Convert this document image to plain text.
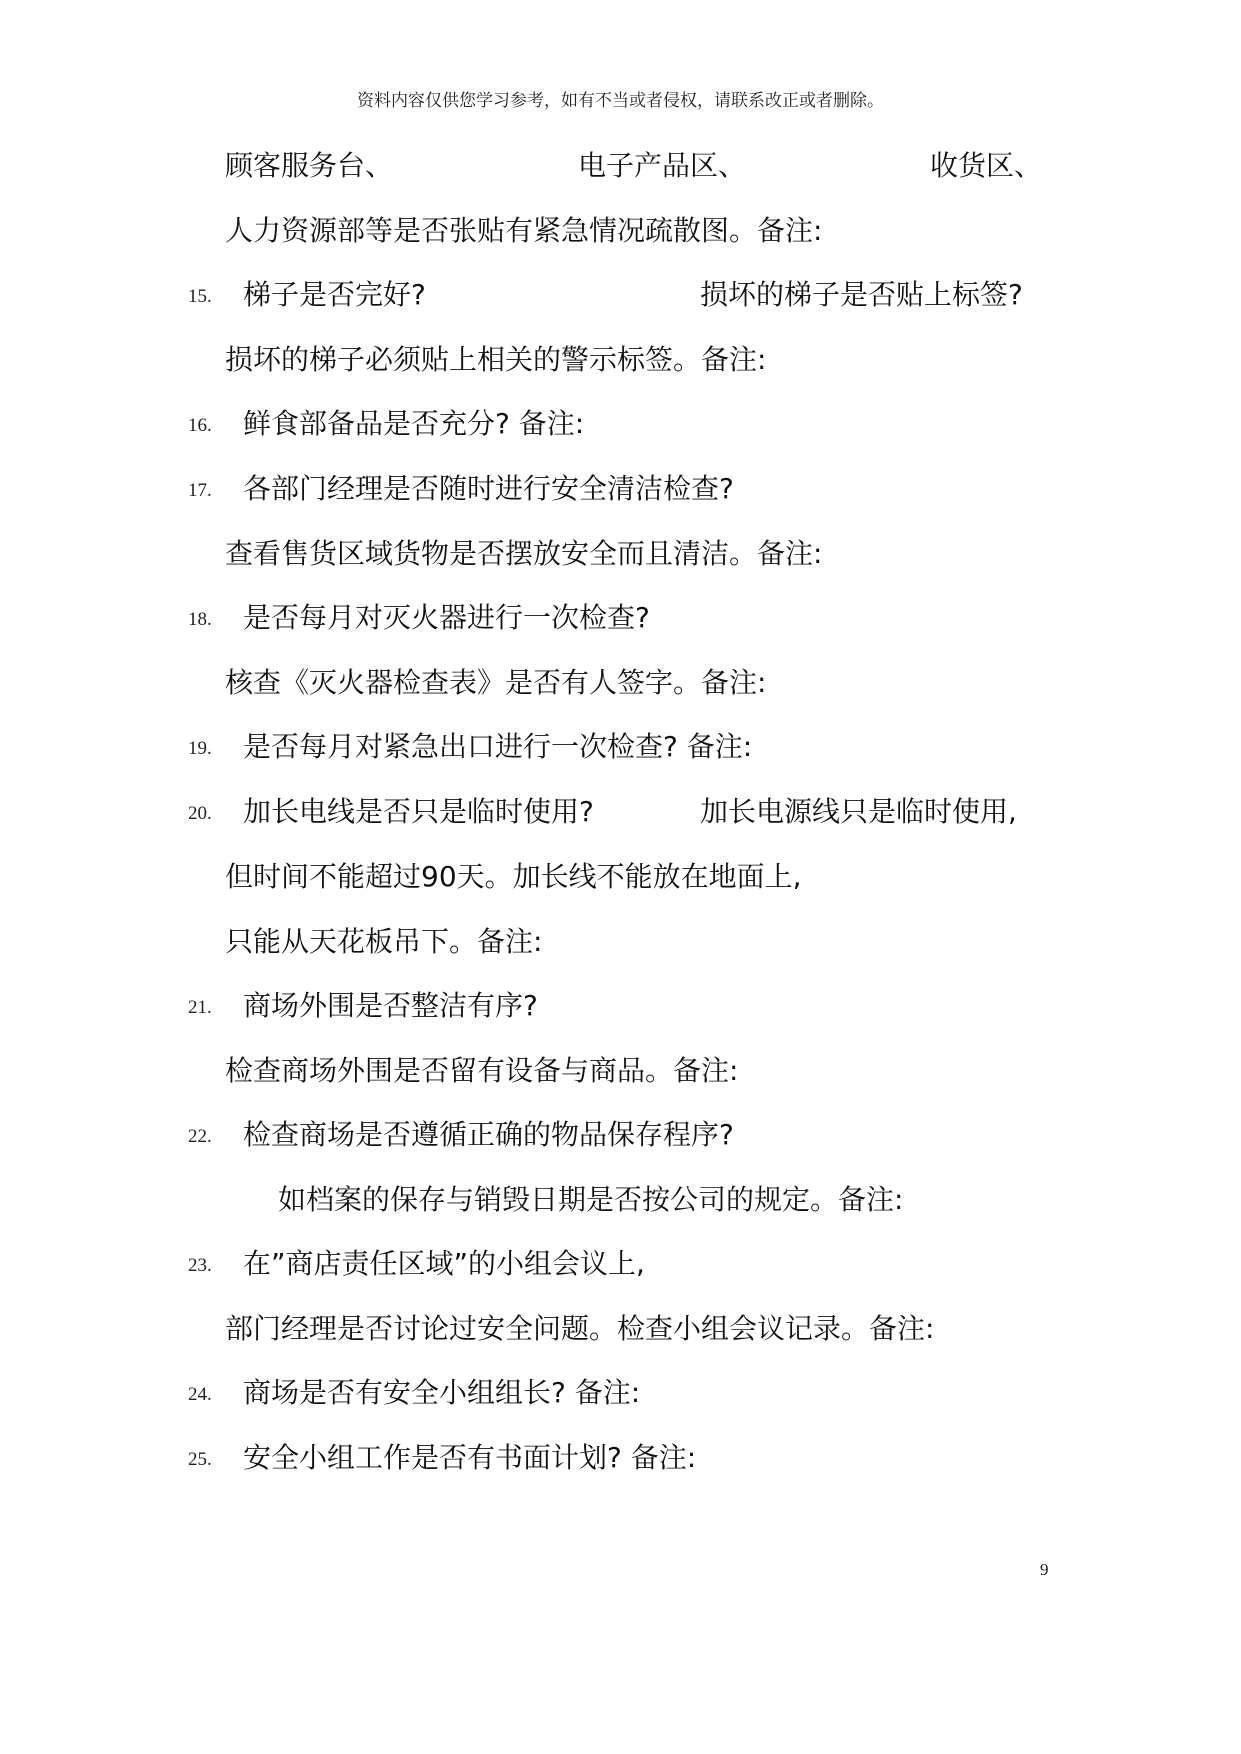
资料内容仅供您学习参考，如有不当或者侵权，请联系改正或者删除。
顾客服务台、	电子产品区、	收货区、
人力资源部等是否张贴有紧急情况疏散图。备注:
15. 梯子是否完好?	损坏的梯子是否贴上标签?
损坏的梯子必须贴上相关的警示标签。备注:
16. 鲜食部备品是否充分? 备注:
17. 各部门经理是否随时进行安全清洁检查?
查看售货区域货物是否摆放安全而且清洁。备注:
18. 是否每月对灭火器进行一次检查?
核查《灭火器检查表》是否有人签字。备注:
19. 是否每月对紧急出口进行一次检查? 备注:
20. 加长电线是否只是临时使用?	加长电源线只是临时使用,
但时间不能超过90天。加长线不能放在地面上,
只能从天花板吊下。备注:
21. 商场外围是否整洁有序?
检查商场外围是否留有设备与商品。备注:
22. 检查商场是否遵循正确的物品保存程序?
如档案的保存与销毁日期是否按公司的规定。备注:
23. 在”商店责任区域”的小组会议上,
部门经理是否讨论过安全问题。检查小组会议记录。备注:
24. 商场是否有安全小组组长? 备注:
25. 安全小组工作是否有书面计划? 备注:
9
